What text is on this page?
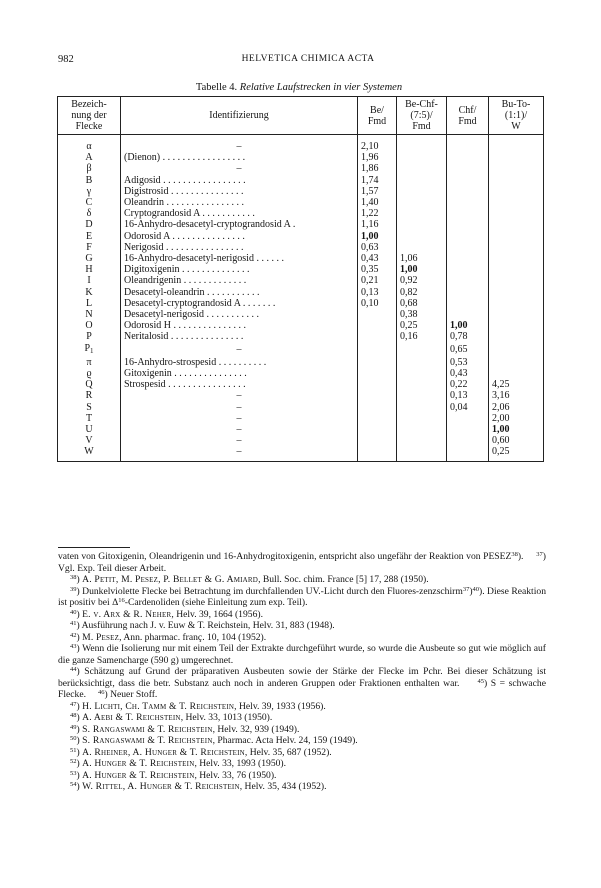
982	HELVETICA CHIMICA ACTA
Tabelle 4. Relative Laufstrecken in vier Systemen
Bezeich-
nung der
Flecke	Identifizierung	Be/
Fmd	Be-Chf-
(7:5)/
Fmd	Chf/
Fmd	Bu-To-
(1:1)/
W
α	–	2,10			
A	(Dienon) . . . . . . . . . . . . . . . . .	1,96			
β	–	1,86			
B	Adigosid . . . . . . . . . . . . . . . . .	1,74			
γ	Digistrosid . . . . . . . . . . . . . . .	1,57			
C	Oleandrin . . . . . . . . . . . . . . . .	1,40			
δ	Cryptograndosid A . . . . . . . . . . .	1,22			
D	16-Anhydro-desacetyl-cryptograndosid A .	1,16			
E	Odorosid A . . . . . . . . . . . . . . .	1,00			
F	Nerigosid . . . . . . . . . . . . . . . .	0,63			
G	16-Anhydro-desacetyl-nerigosid . . . . . .	0,43	1,06		
H	Digitoxigenin . . . . . . . . . . . . . .	0,35	1,00		
I	Oleandrigenin . . . . . . . . . . . . .	0,21	0,92		
K	Desacetyl-oleandrin . . . . . . . . . . .	0,13	0,82		
L	Desacetyl-cryptograndosid A . . . . . . .	0,10	0,68		
N	Desacetyl-nerigosid . . . . . . . . . . .		0,38		
O	Odorosid H . . . . . . . . . . . . . . .		0,25	1,00	
P	Neritalosid . . . . . . . . . . . . . . .		0,16	0,78	
$P_1$	–			0,65	
π	16-Anhydro-strospesid . . . . . . . . . .			0,53	
ϱ	Gitoxigenin . . . . . . . . . . . . . . .			0,43	
Q	Strospesid . . . . . . . . . . . . . . . .			0,22	4,25
R	–			0,13	3,16
S	–			0,04	2,06
T	–				2,00
U	–				1,00
V	–				0,60
W	–				0,25

vaten von Gitoxigenin, Oleandrigenin und 16-Anhydrogitoxigenin, entspricht also ungefähr der Reaktion von PESEZ$^{38}$). $^{37}$) Vgl. Exp. Teil dieser Arbeit.

$^{38}$) A. Petit, M. Pesez, P. Bellet & G. Amiard, Bull. Soc. chim. France [5] 17, 288 (1950).

$^{39}$) Dunkelviolette Flecke bei Betrachtung im durchfallenden UV.-Licht durch den Fluores-zenzschirm$^{37}$)$^{40}$). Diese Reaktion ist positiv bei $\Delta^{16}$-Cardenoliden (siehe Einleitung zum exp. Teil).

$^{40}$) E. v. Arx & R. Neher, Helv. 39, 1664 (1956).

$^{41}$) Ausführung nach J. v. Euw & T. Reichstein, Helv. 31, 883 (1948).

$^{42}$) M. Pesez, Ann. pharmac. franç. 10, 104 (1952).

$^{43}$) Wenn die Isolierung nur mit einem Teil der Extrakte durchgeführt wurde, so wurde die Ausbeute so gut wie möglich auf die ganze Samencharge (590 g) umgerechnet.

$^{44}$) Schätzung auf Grund der präparativen Ausbeuten sowie der Stärke der Flecke im Pchr. Bei dieser Schätzung ist berücksichtigt, dass die betr. Substanz auch noch in anderen Gruppen oder Fraktionen enthalten war.	$^{45}$) S = schwache Flecke. $^{46}$) Neuer Stoff.

$^{47}$) H. Lichti, Ch. Tamm & T. Reichstein, Helv. 39, 1933 (1956).

$^{48}$) A. Aebi & T. Reichstein, Helv. 33, 1013 (1950).

$^{49}$) S. Rangaswami & T. Reichstein, Helv. 32, 939 (1949).

$^{50}$) S. Rangaswami & T. Reichstein, Pharmac. Acta Helv. 24, 159 (1949).

$^{51}$) A. Rheiner, A. Hunger & T. Reichstein, Helv. 35, 687 (1952).

$^{52}$) A. Hunger & T. Reichstein, Helv. 33, 1993 (1950).

$^{53}$) A. Hunger & T. Reichstein, Helv. 33, 76 (1950).

$^{54}$) W. Rittel, A. Hunger & T. Reichstein, Helv. 35, 434 (1952).
